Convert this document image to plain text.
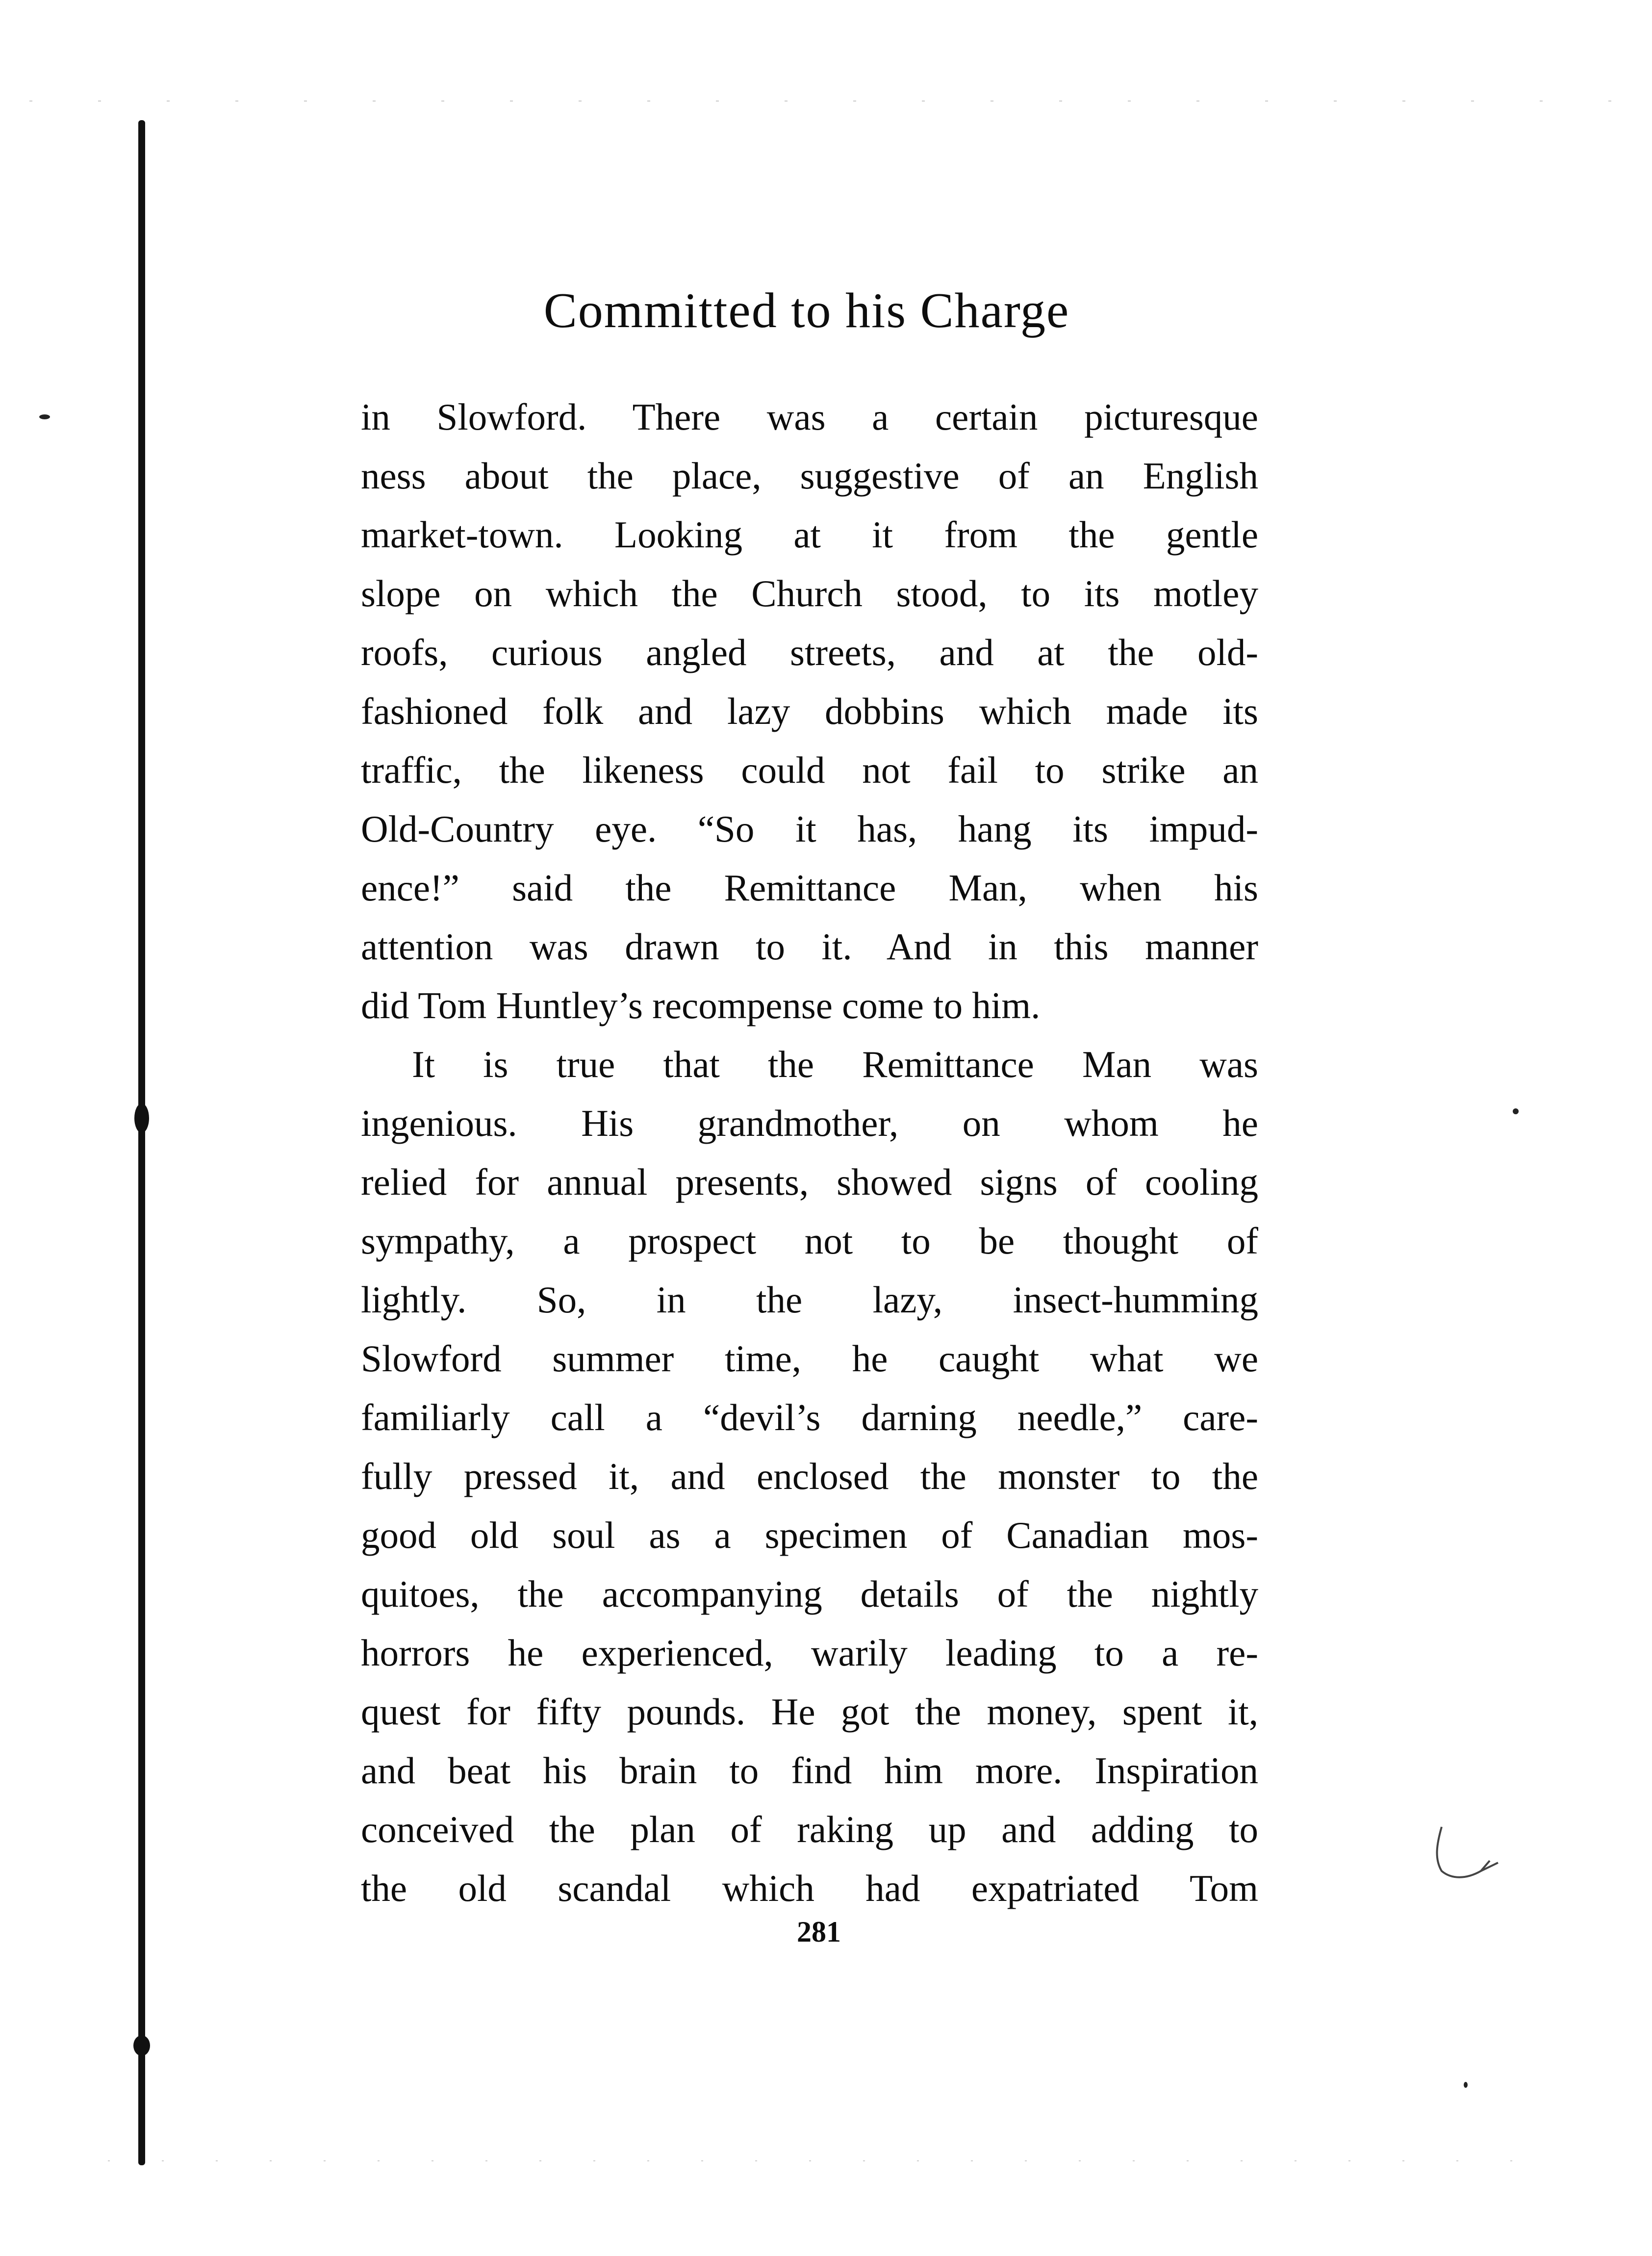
Committed to his Charge
in Slowford. There was a certain picturesque
ness about the place, suggestive of an English
market-town. Looking at it from the gentle
slope on which the Church stood, to its motley
roofs, curious angled streets, and at the old-
fashioned folk and lazy dobbins which made its
traffic, the likeness could not fail to strike an
Old-Country eye. “So it has, hang its impud-
ence!” said the Remittance Man, when his
attention was drawn to it. And in this manner
did Tom Huntley’s recompense come to him.
It is true that the Remittance Man was
ingenious. His grandmother, on whom he
relied for annual presents, showed signs of cooling
sympathy, a prospect not to be thought of
lightly. So, in the lazy, insect-humming
Slowford summer time, he caught what we
familiarly call a “devil’s darning needle,” care-
fully pressed it, and enclosed the monster to the
good old soul as a specimen of Canadian mos-
quitoes, the accompanying details of the nightly
horrors he experienced, warily leading to a re-
quest for fifty pounds. He got the money, spent it,
and beat his brain to find him more. Inspiration
conceived the plan of raking up and adding to
the old scandal which had expatriated Tom
281
